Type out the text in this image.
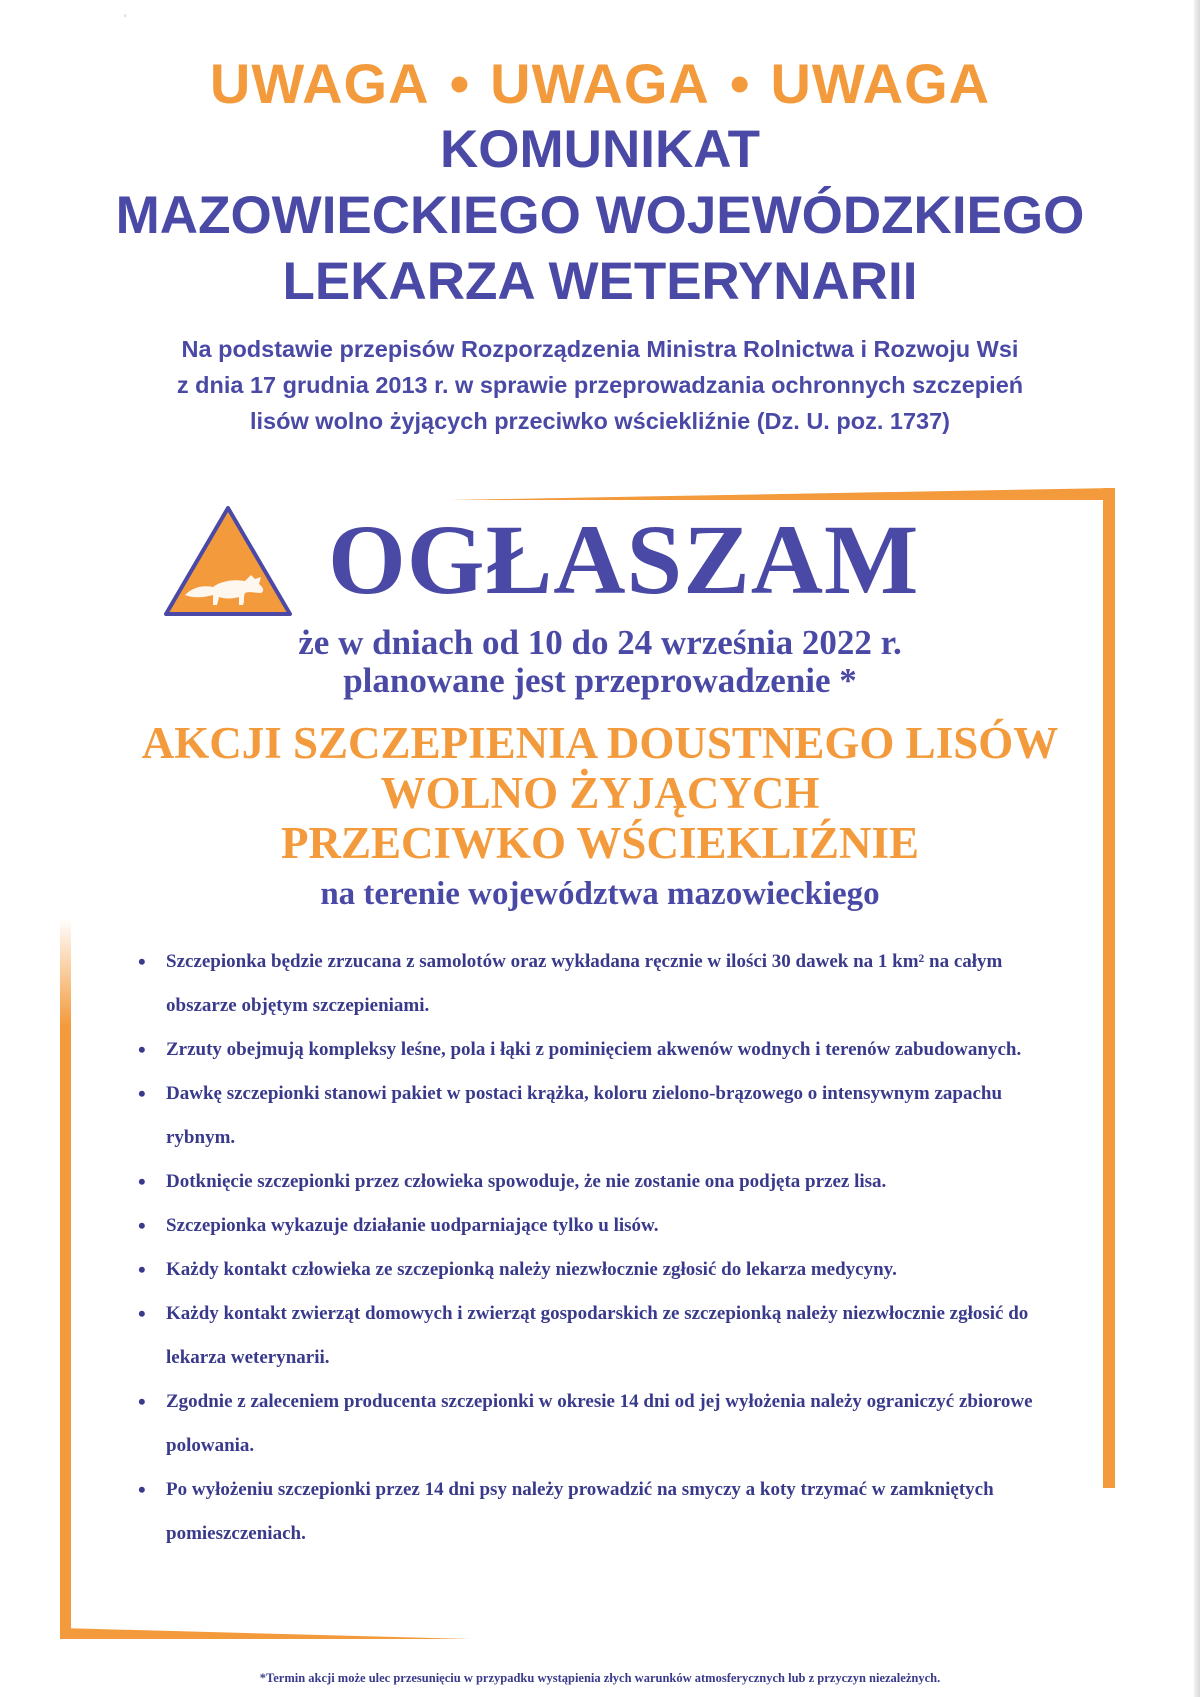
'
UWAGA • UWAGA • UWAGA
KOMUNIKAT
MAZOWIECKIEGO WOJEWÓDZKIEGO
LEKARZA WETERYNARII
Na podstawie przepisów Rozporządzenia Ministra Rolnictwa i Rozwoju Wsi
z dnia 17 grudnia 2013 r. w sprawie przeprowadzania ochronnych szczepień
lisów wolno żyjących przeciwko wściekliźnie (Dz. U. poz. 1737)
OGŁASZAM
że w dniach od 10 do 24 września 2022 r.
planowane jest przeprowadzenie *
AKCJI SZCZEPIENIA DOUSTNEGO LISÓW
WOLNO ŻYJĄCYCH
PRZECIWKO WŚCIEKLIŹNIE
na terenie województwa mazowieckiego
• Szczepionka będzie zrzucana z samolotów oraz wykładana ręcznie w ilości 30 dawek na 1 km² na całym obszarze objętym szczepieniami.
• Zrzuty obejmują kompleksy leśne, pola i łąki z pominięciem akwenów wodnych i terenów zabudowanych.
• Dawkę szczepionki stanowi pakiet w postaci krążka, koloru zielono-brązowego o intensywnym zapachu rybnym.
• Dotknięcie szczepionki przez człowieka spowoduje, że nie zostanie ona podjęta przez lisa.
• Szczepionka wykazuje działanie uodparniające tylko u lisów.
• Każdy kontakt człowieka ze szczepionką należy niezwłocznie zgłosić do lekarza medycyny.
• Każdy kontakt zwierząt domowych i zwierząt gospodarskich ze szczepionką należy niezwłocznie zgłosić do lekarza weterynarii.
• Zgodnie z zaleceniem producenta szczepionki w okresie 14 dni od jej wyłożenia należy ograniczyć zbiorowe polowania.
• Po wyłożeniu szczepionki przez 14 dni psy należy prowadzić na smyczy a koty trzymać w zamkniętych pomieszczeniach.
*Termin akcji może ulec przesunięciu w przypadku wystąpienia złych warunków atmosferycznych lub z przyczyn niezależnych.
